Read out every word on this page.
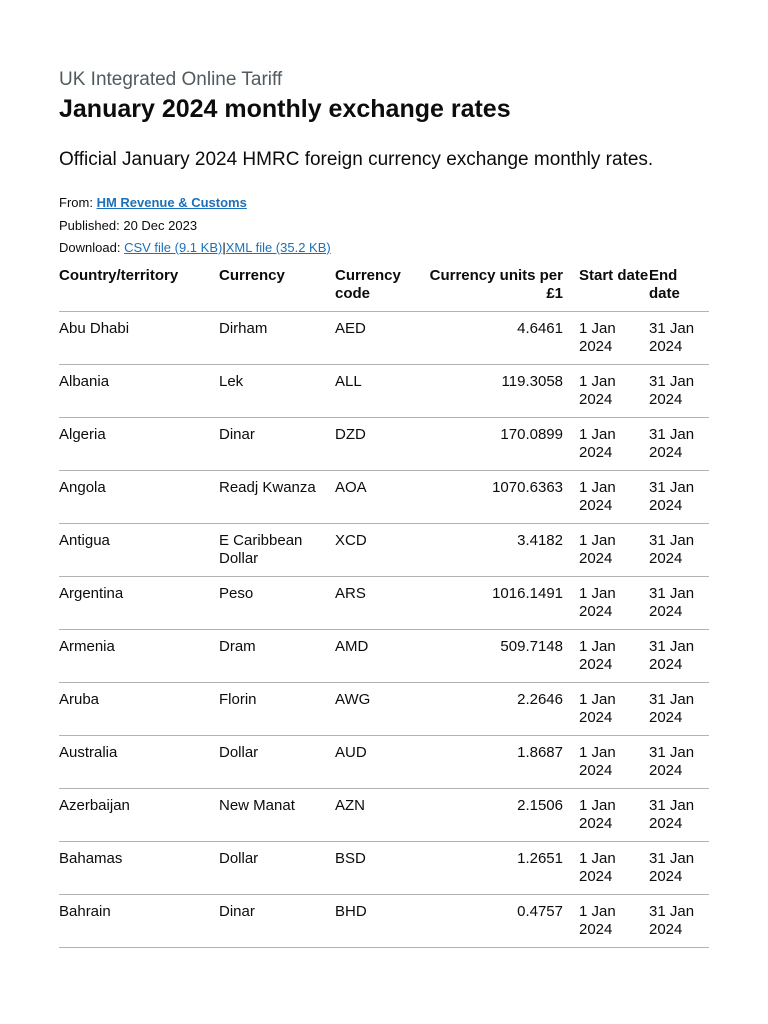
UK Integrated Online Tariff

January 2024 monthly exchange rates

Official January 2024 HMRC foreign currency exchange monthly rates.

From: HM Revenue & Customs

Published: 20 Dec 2023

Download: CSV file (9.1 KB)|XML file (35.2 KB)

Country/territory	Currency	Currency code	Currency units per £1	Start date	End date
Abu Dhabi	Dirham	AED	4.6461	1 Jan 2024	31 Jan 2024
Albania	Lek	ALL	119.3058	1 Jan 2024	31 Jan 2024
Algeria	Dinar	DZD	170.0899	1 Jan 2024	31 Jan 2024
Angola	Readj Kwanza	AOA	1070.6363	1 Jan 2024	31 Jan 2024
Antigua	E Caribbean Dollar	XCD	3.4182	1 Jan 2024	31 Jan 2024
Argentina	Peso	ARS	1016.1491	1 Jan 2024	31 Jan 2024
Armenia	Dram	AMD	509.7148	1 Jan 2024	31 Jan 2024
Aruba	Florin	AWG	2.2646	1 Jan 2024	31 Jan 2024
Australia	Dollar	AUD	1.8687	1 Jan 2024	31 Jan 2024
Azerbaijan	New Manat	AZN	2.1506	1 Jan 2024	31 Jan 2024
Bahamas	Dollar	BSD	1.2651	1 Jan 2024	31 Jan 2024
Bahrain	Dinar	BHD	0.4757	1 Jan 2024	31 Jan 2024
